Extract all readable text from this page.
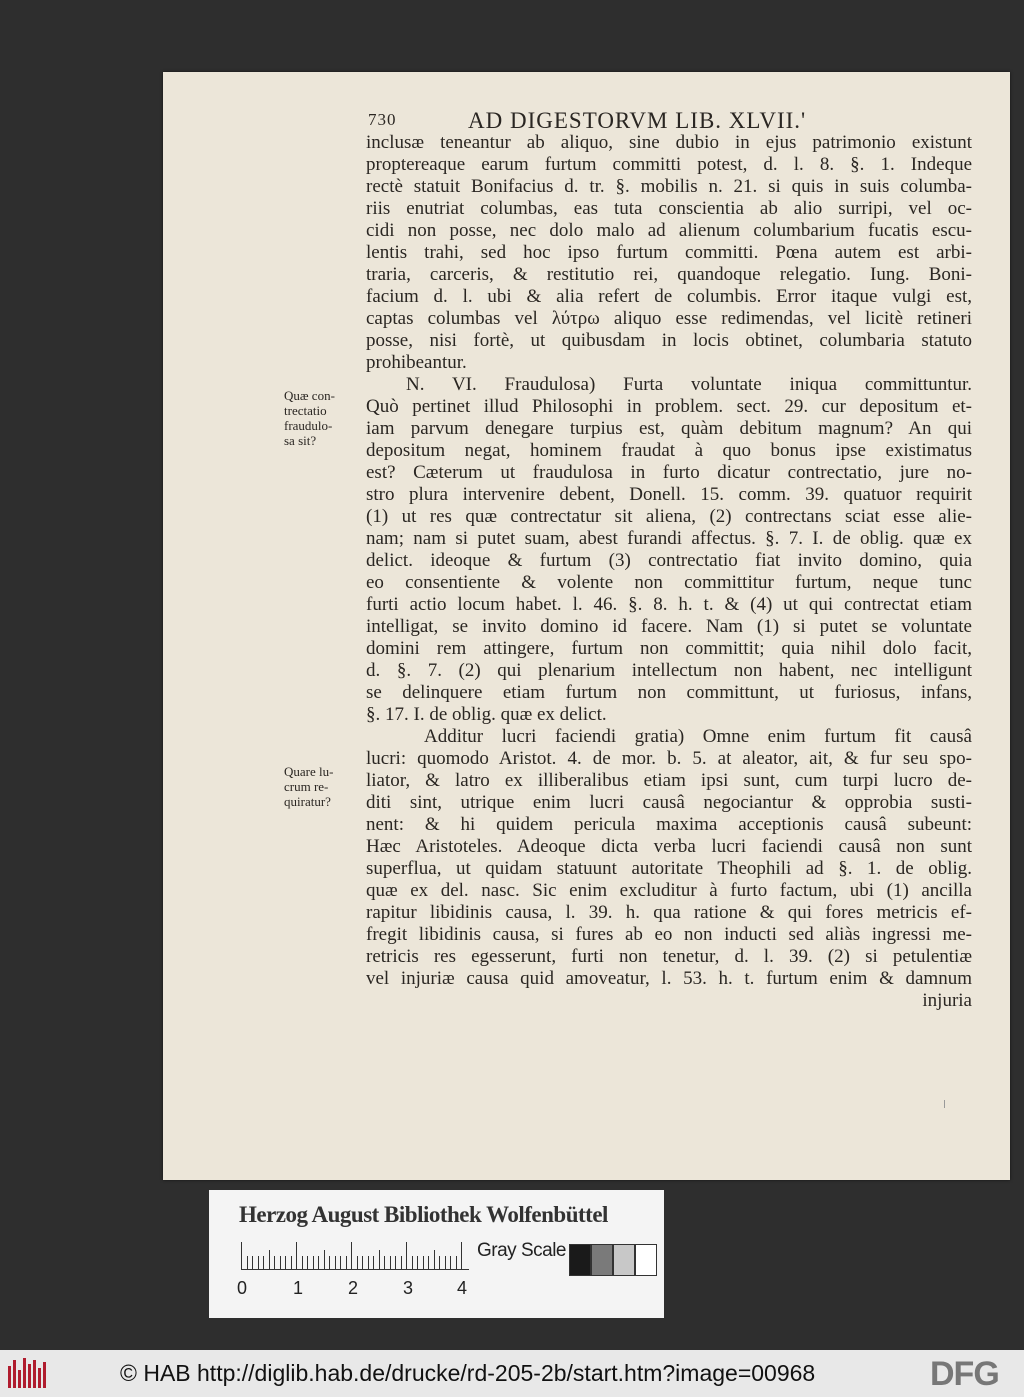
730	AD DIGESTORVM LIB. XLVII.'
Quæ con-
trectatio
fraudulo-
sa sit?
Quare lu-
crum re-
quiratur?
inclusæ teneantur ab aliquo, sine dubio in ejus patrimonio existunt
proptereaque earum furtum committi potest, d. l. 8. §. 1. Indeque
rectè statuit Bonifacius d. tr. §. mobilis n. 21. si quis in suis columba-
riis enutriat columbas, eas tuta conscientia ab alio surripi, vel oc-
cidi non posse, nec dolo malo ad alienum columbarium fucatis escu-
lentis trahi, sed hoc ipso furtum committi. Pœna autem est arbi-
traria, carceris, & restitutio rei, quandoque relegatio. Iung. Boni-
facium d. l. ubi & alia refert de columbis. Error itaque vulgi est,
captas columbas vel λύτρω aliquo esse redimendas, vel licitè retineri
posse, nisi fortè, ut quibusdam in locis obtinet, columbaria statuto
prohibeantur.
N. VI. Fraudulosa) Furta voluntate iniqua committuntur.
Quò pertinet illud Philosophi in problem. sect. 29. cur depositum et-
iam parvum denegare turpius est, quàm debitum magnum? An qui
depositum negat, hominem fraudat à quo bonus ipse existimatus
est? Cæterum ut fraudulosa in furto dicatur contrectatio, jure no-
stro plura intervenire debent, Donell. 15. comm. 39. quatuor requirit
(1) ut res quæ contrectatur sit aliena, (2) contrectans sciat esse alie-
nam; nam si putet suam, abest furandi affectus. §. 7. I. de oblig. quæ ex
delict. ideoque & furtum (3) contrectatio fiat invito domino, quia
eo consentiente & volente non committitur furtum, neque tunc
furti actio locum habet. l. 46. §. 8. h. t. & (4) ut qui contrectat etiam
intelligat, se invito domino id facere. Nam (1) si putet se voluntate
domini rem attingere, furtum non committit; quia nihil dolo facit,
d. §. 7. (2) qui plenarium intellectum non habent, nec intelligunt
se delinquere etiam furtum non committunt, ut furiosus, infans,
§. 17. I. de oblig. quæ ex delict.
Additur lucri faciendi gratia) Omne enim furtum fit causâ
lucri: quomodo Aristot. 4. de mor. b. 5. at aleator, ait, & fur seu spo-
liator, & latro ex illiberalibus etiam ipsi sunt, cum turpi lucro de-
diti sint, utrique enim lucri causâ negociantur & opprobia susti-
nent: & hi quidem pericula maxima acceptionis causâ subeunt:
Hæc Aristoteles. Adeoque dicta verba lucri faciendi causâ non sunt
superflua, ut quidam statuunt autoritate Theophili ad §. 1. de oblig.
quæ ex del. nasc. Sic enim excluditur à furto factum, ubi (1) ancilla
rapitur libidinis causa, l. 39. h. qua ratione & qui fores metricis ef-
fregit libidinis causa, si fures ab eo non inducti sed aliàs ingressi me-
retricis res egesserunt, furti non tenetur, d. l. 39. (2) si petulentiæ
vel injuriæ causa quid amoveatur, l. 53. h. t. furtum enim & damnum
injuria
Herzog August Bibliothek Wolfenbüttel
0	1 2 3 4
Gray Scale
© HAB http://diglib.hab.de/drucke/rd-205-2b/start.htm?image=00968	DFG
